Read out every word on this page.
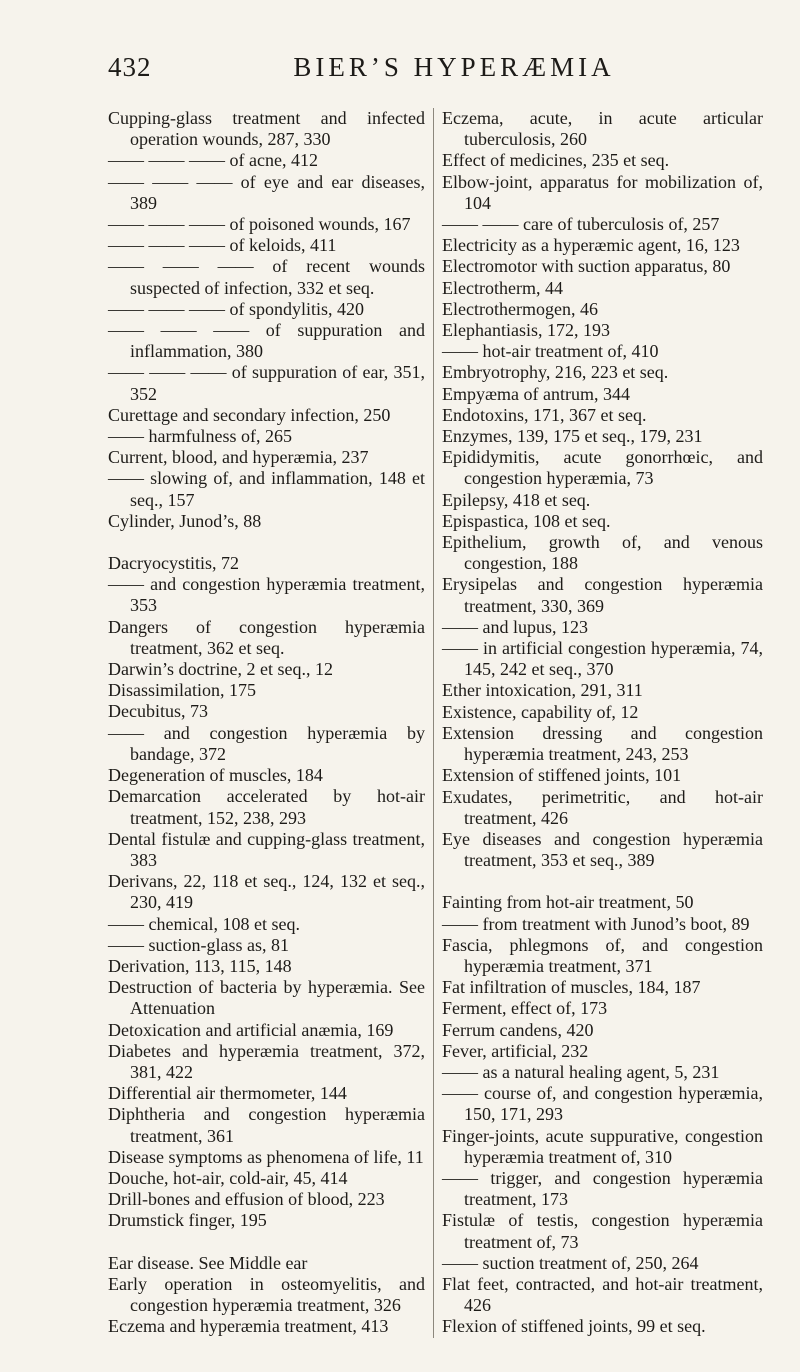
432	BIER’S HYPERÆMIA

Cupping-glass treatment and infected operation wounds, 287, 330

—— —— —— of acne, 412

—— —— —— of eye and ear diseases, 389

—— —— —— of poisoned wounds, 167

—— —— —— of keloids, 411

—— —— —— of recent wounds suspected of infection, 332 et seq.

—— —— —— of spondylitis, 420

—— —— —— of suppuration and inflammation, 380

—— —— —— of suppuration of ear, 351, 352

Curettage and secondary infection, 250

—— harmfulness of, 265

Current, blood, and hyperæmia, 237

—— slowing of, and inflammation, 148 et seq., 157

Cylinder, Junod’s, 88

Dacryocystitis, 72

—— and congestion hyperæmia treatment, 353

Dangers of congestion hyperæmia treatment, 362 et seq.

Darwin’s doctrine, 2 et seq., 12

Disassimilation, 175

Decubitus, 73

—— and congestion hyperæmia by bandage, 372

Degeneration of muscles, 184

Demarcation accelerated by hot-air treatment, 152, 238, 293

Dental fistulæ and cupping-glass treatment, 383

Derivans, 22, 118 et seq., 124, 132 et seq., 230, 419

—— chemical, 108 et seq.

—— suction-glass as, 81

Derivation, 113, 115, 148

Destruction of bacteria by hyperæmia. See Attenuation

Detoxication and artificial anæmia, 169

Diabetes and hyperæmia treatment, 372, 381, 422

Differential air thermometer, 144

Diphtheria and congestion hyperæmia treatment, 361

Disease symptoms as phenomena of life, 11

Douche, hot-air, cold-air, 45, 414

Drill-bones and effusion of blood, 223

Drumstick finger, 195

Ear disease. See Middle ear

Early operation in osteomyelitis, and congestion hyperæmia treatment, 326

Eczema and hyperæmia treatment, 413

Eczema, acute, in acute articular tuberculosis, 260

Effect of medicines, 235 et seq.

Elbow-joint, apparatus for mobilization of, 104

—— —— care of tuberculosis of, 257

Electricity as a hyperæmic agent, 16, 123

Electromotor with suction apparatus, 80

Electrotherm, 44

Electrothermogen, 46

Elephantiasis, 172, 193

—— hot-air treatment of, 410

Embryotrophy, 216, 223 et seq.

Empyæma of antrum, 344

Endotoxins, 171, 367 et seq.

Enzymes, 139, 175 et seq., 179, 231

Epididymitis, acute gonorrhœic, and congestion hyperæmia, 73

Epilepsy, 418 et seq.

Epispastica, 108 et seq.

Epithelium, growth of, and venous congestion, 188

Erysipelas and congestion hyperæmia treatment, 330, 369

—— and lupus, 123

—— in artificial congestion hyperæmia, 74, 145, 242 et seq., 370

Ether intoxication, 291, 311

Existence, capability of, 12

Extension dressing and congestion hyperæmia treatment, 243, 253

Extension of stiffened joints, 101

Exudates, perimetritic, and hot-air treatment, 426

Eye diseases and congestion hyperæmia treatment, 353 et seq., 389

Fainting from hot-air treatment, 50

—— from treatment with Junod’s boot, 89

Fascia, phlegmons of, and congestion hyperæmia treatment, 371

Fat infiltration of muscles, 184, 187

Ferment, effect of, 173

Ferrum candens, 420

Fever, artificial, 232

—— as a natural healing agent, 5, 231

—— course of, and congestion hyperæmia, 150, 171, 293

Finger-joints, acute suppurative, congestion hyperæmia treatment of, 310

—— trigger, and congestion hyperæmia treatment, 173

Fistulæ of testis, congestion hyperæmia treatment of, 73

—— suction treatment of, 250, 264

Flat feet, contracted, and hot-air treatment, 426

Flexion of stiffened joints, 99 et seq.
